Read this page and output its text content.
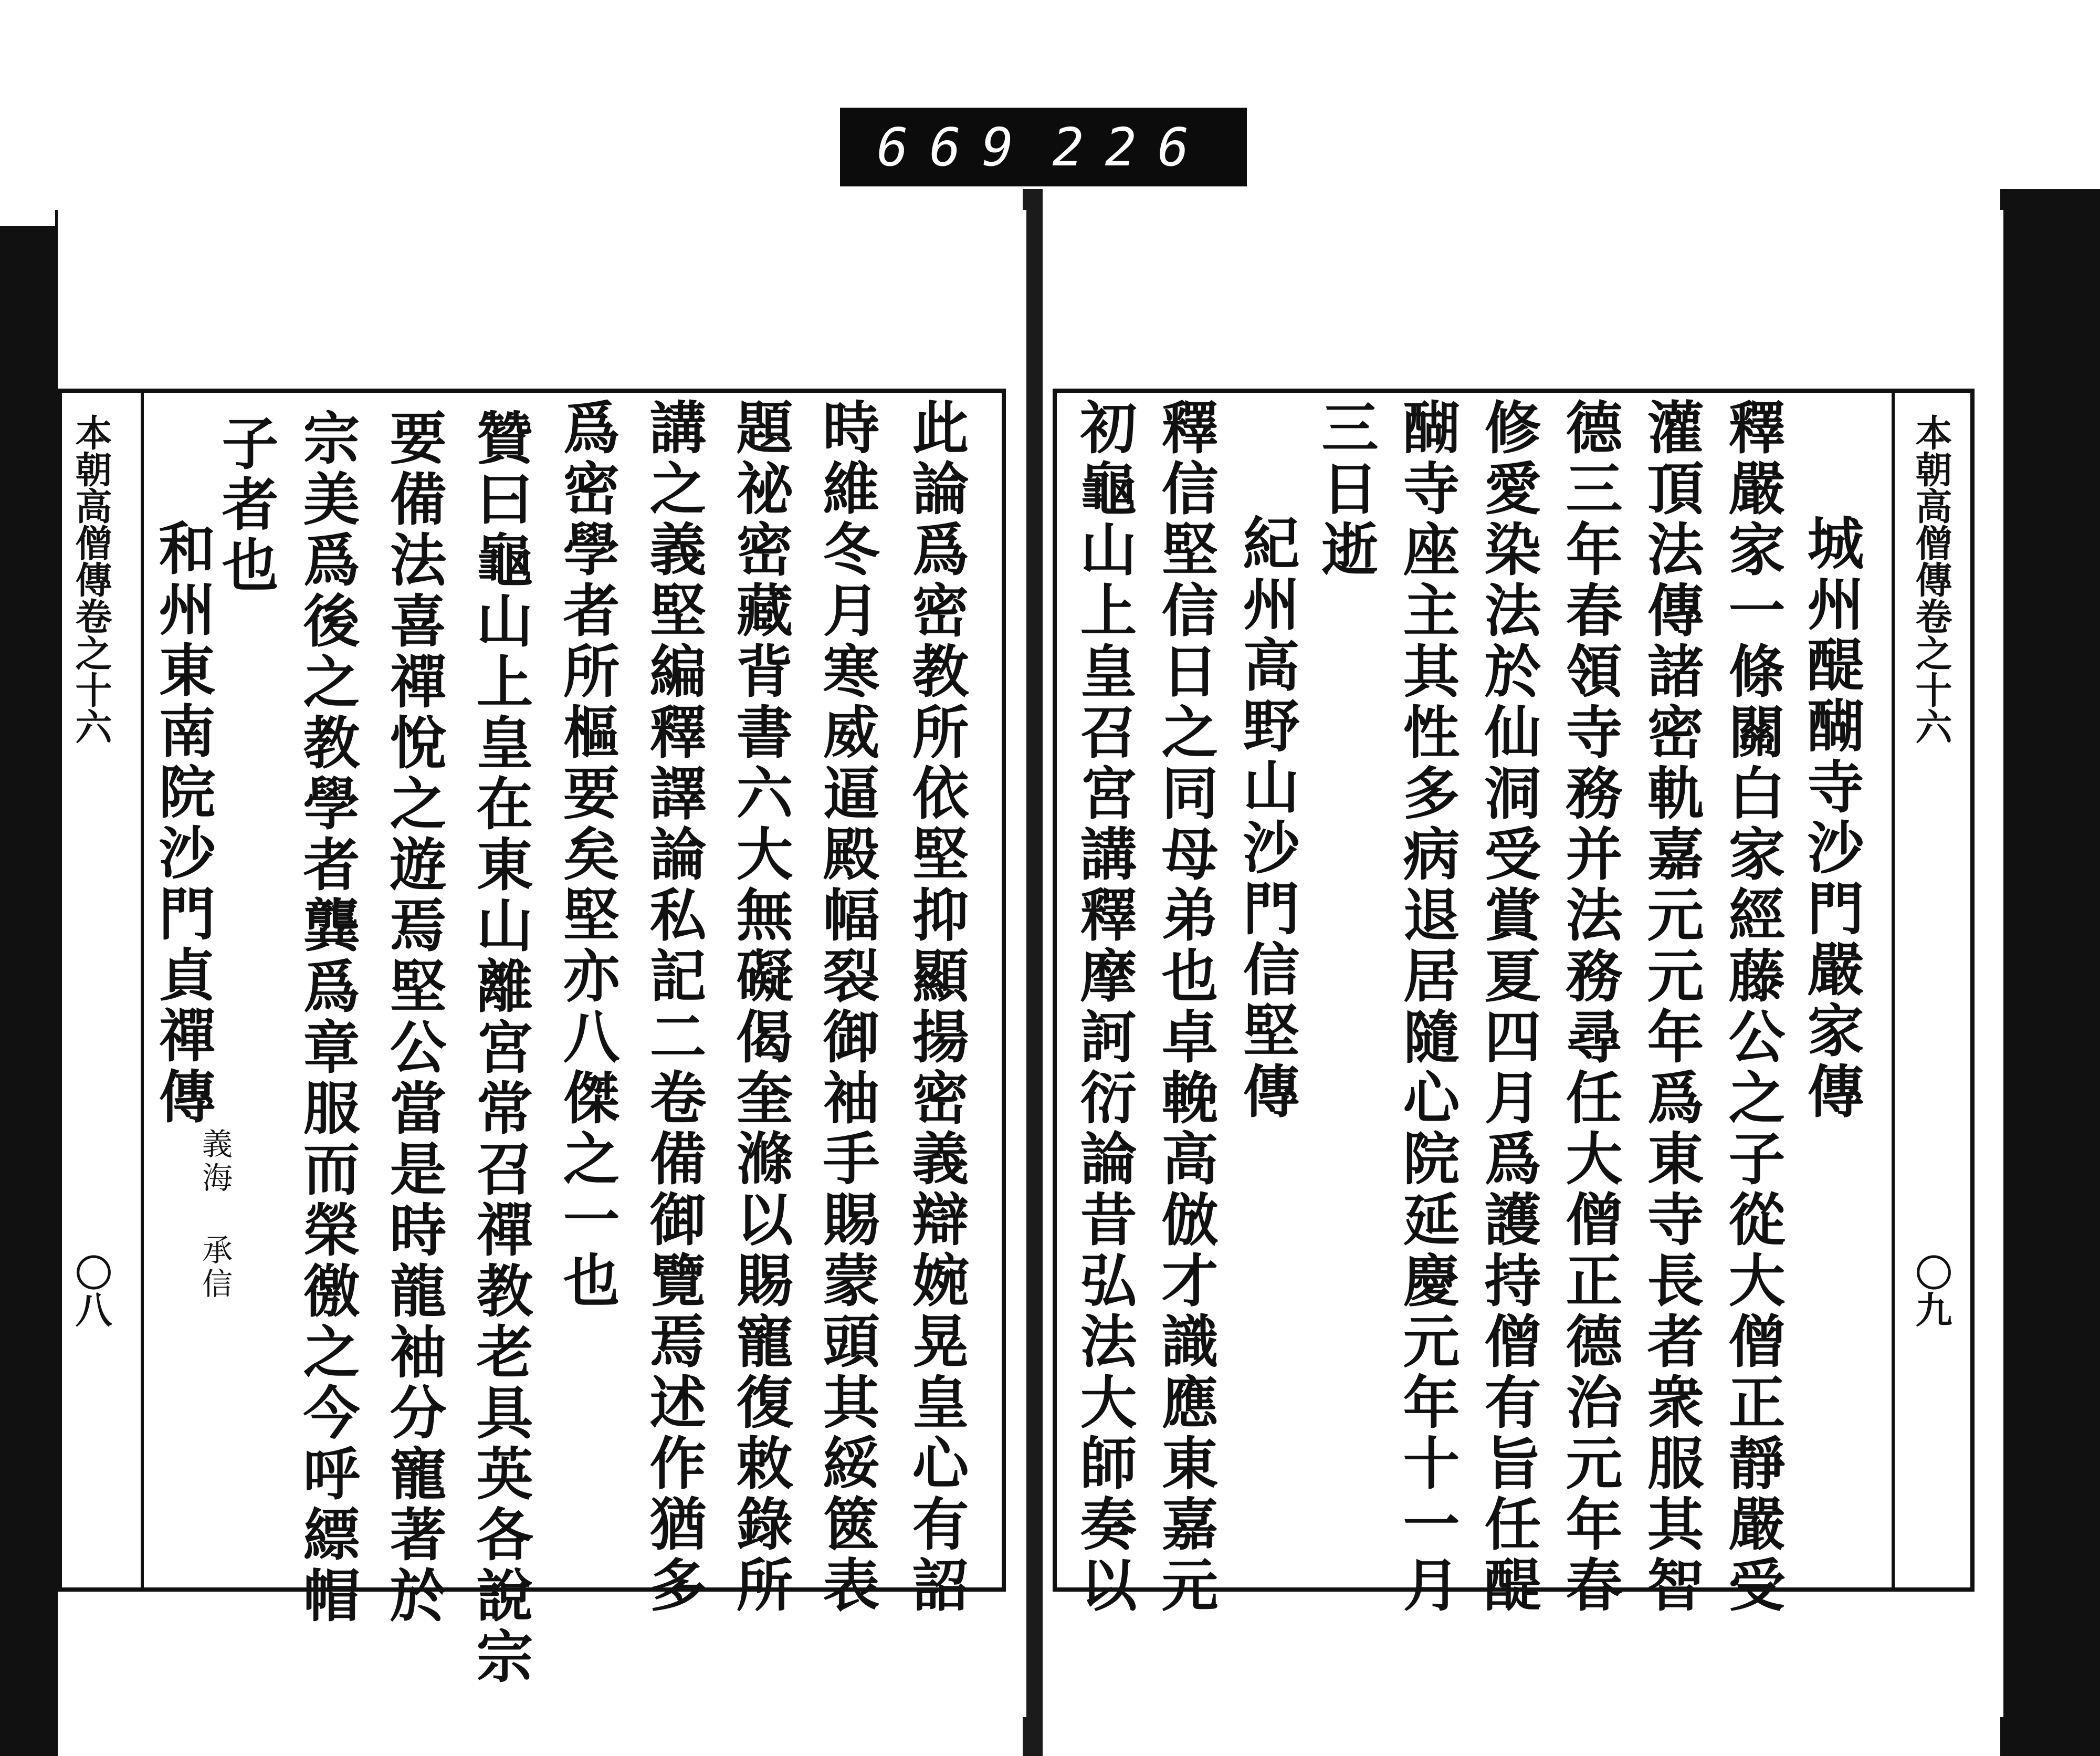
669 226
本朝高僧傳卷之十六
〇八	此論爲密教所依堅抑顯揚密義辯婉晃皇心有詔
時維冬月寒威逼殿幅裂御袖手賜蒙頭其綏篋表
題祕密藏背書六大無礙偈奎滌以賜寵復敕錄所
講之義堅編釋譯論私記二卷備御覽焉述作猶多
爲密學者所樞要矣堅亦八傑之一也
贊曰龜山上皇在東山離宮常召禪教老具英各說宗
要備法喜禪悅之遊焉堅公當是時龍袖分寵著於
宗美爲後之教學者龔爲章服而榮徼之今呼縹帽
子者也
和州東南院沙門貞禪傳
義海 承信
本朝高僧傳卷之十六
〇九
城州醍醐寺沙門嚴家傳
釋嚴家一條關白家經藤公之子從大僧正靜嚴受
灌頂法傳諸密軌嘉元元年爲東寺長者衆服其智
德三年春領寺務并法務尋任大僧正德治元年春
修愛染法於仙洞受賞夏四月爲護持僧有旨任醍
醐寺座主其性多病退居隨心院延慶元年十一月
三日逝
紀州高野山沙門信堅傳
釋信堅信日之同母弟也卓輓高倣才識應東嘉元
初龜山上皇召宮講釋摩訶衍論昔弘法大師奏以
